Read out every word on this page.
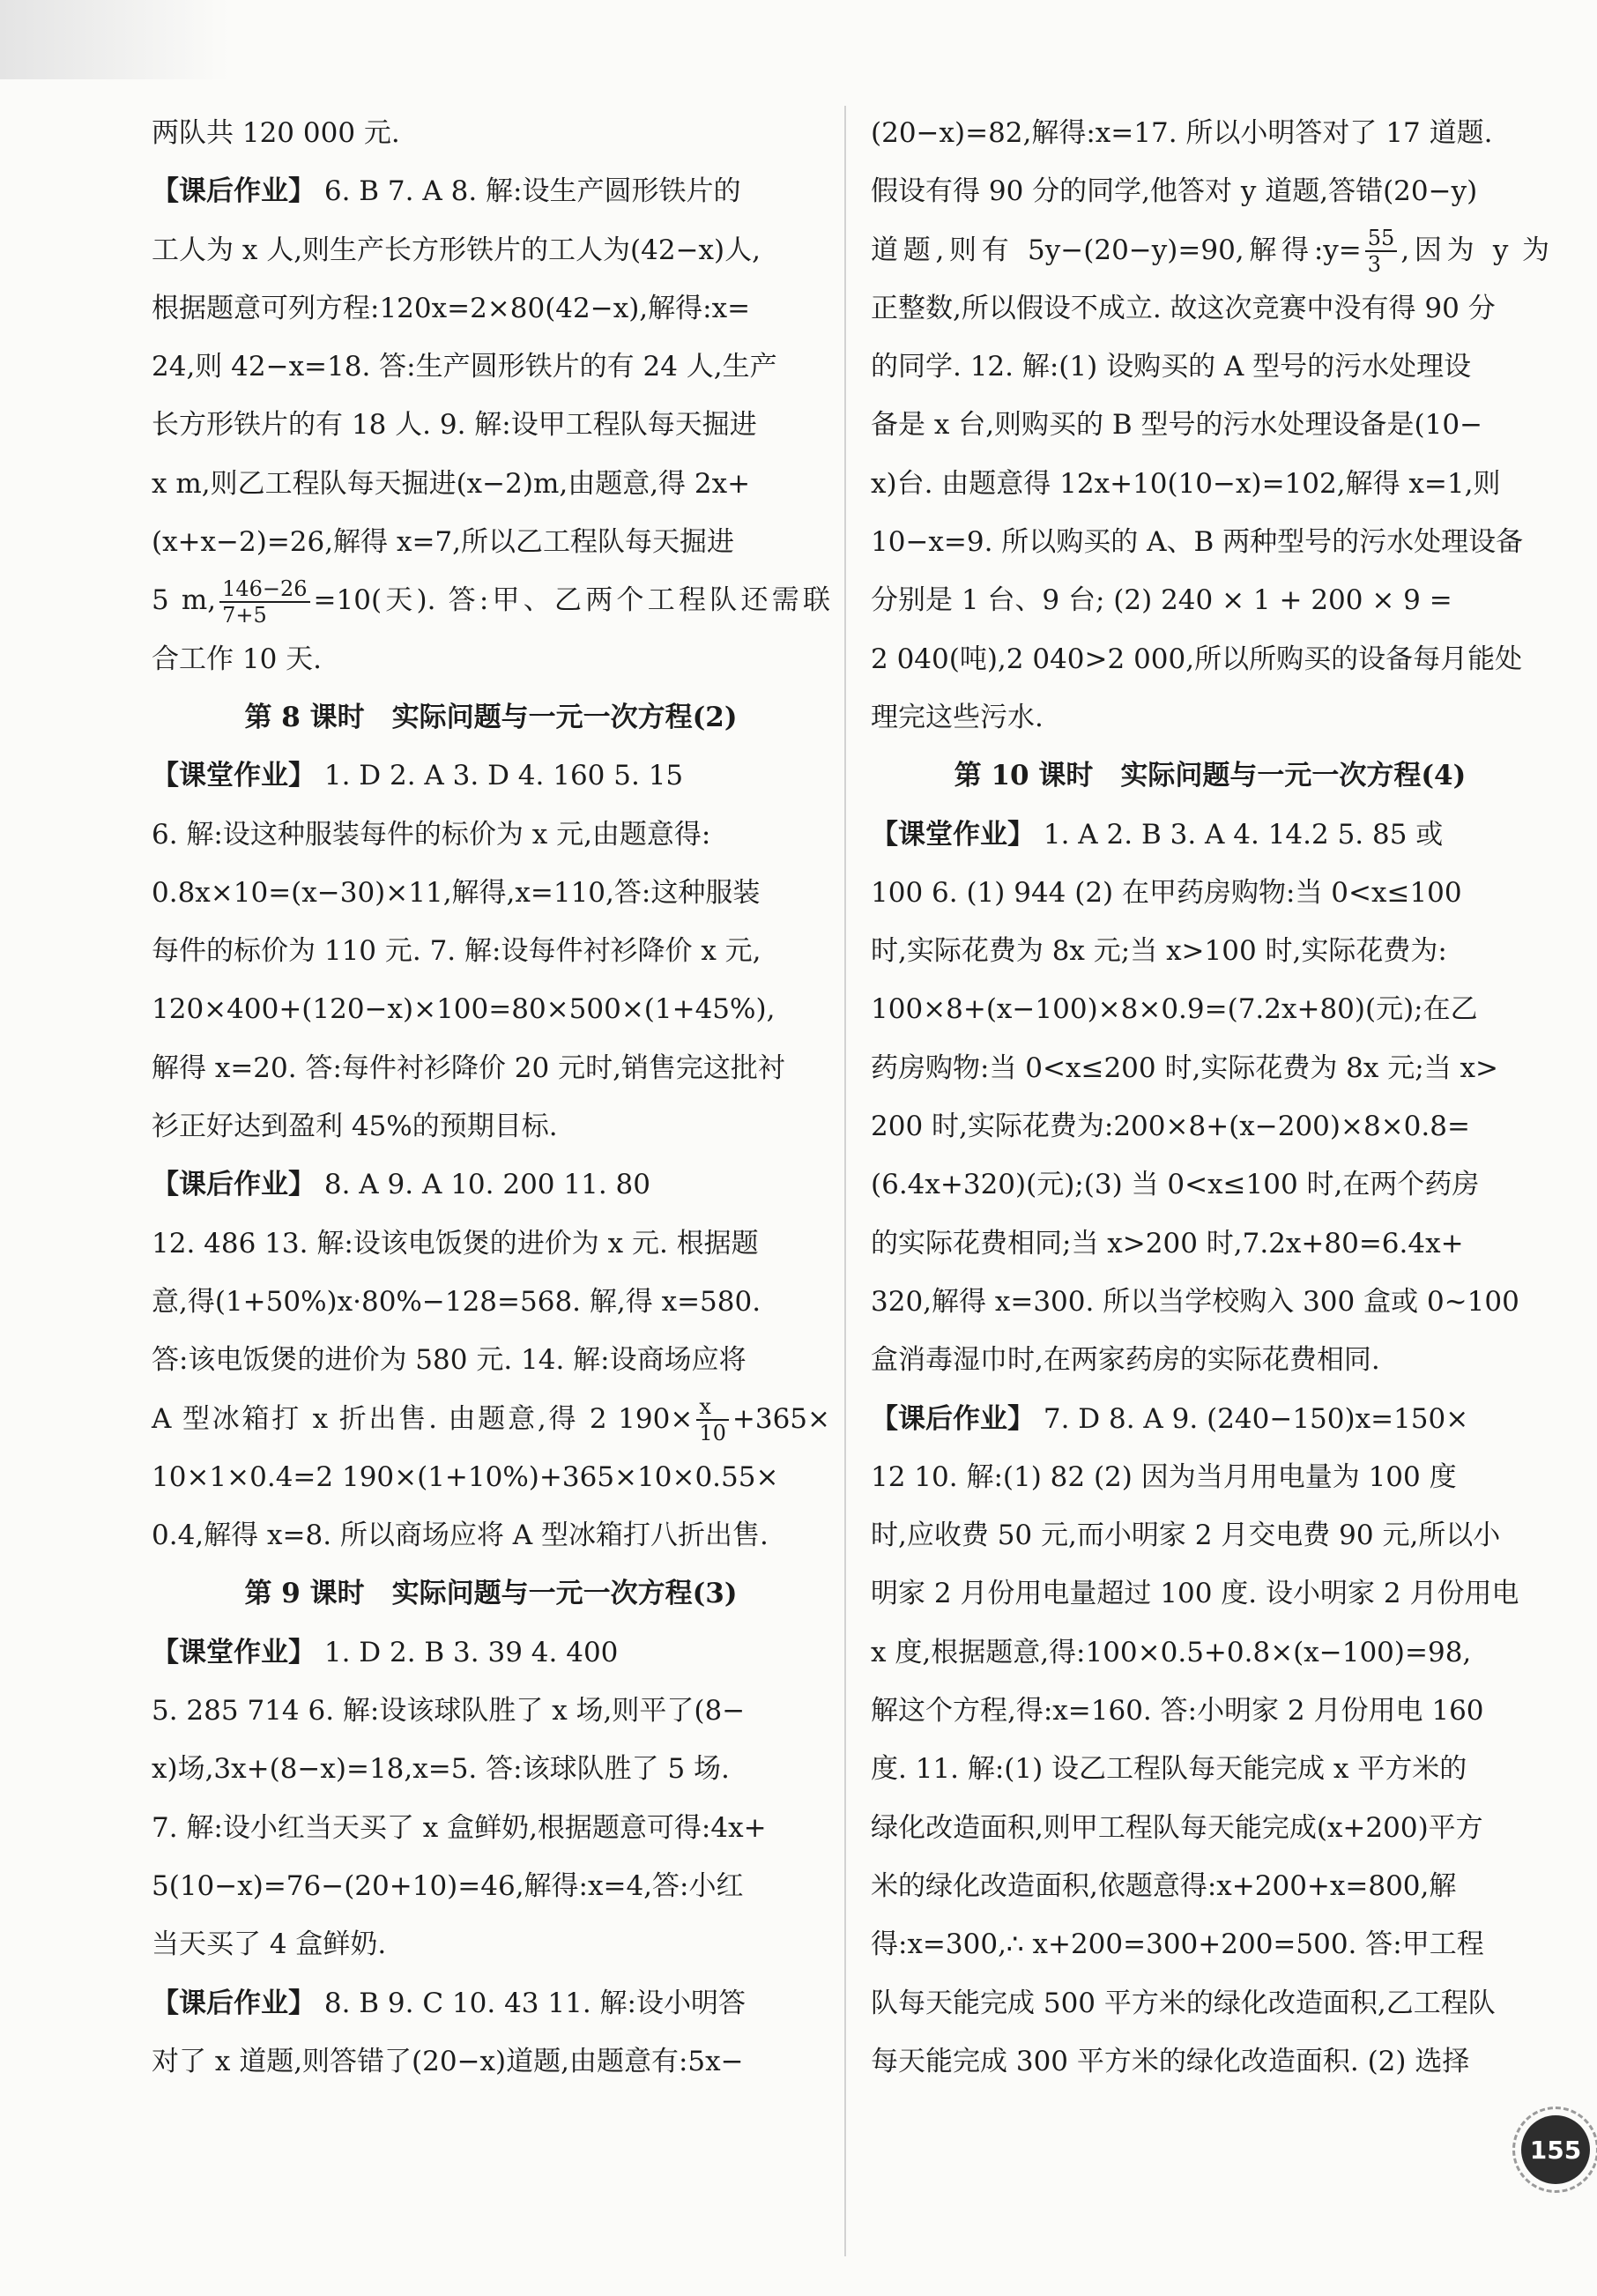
两队共 120 000 元.
【课后作业】 6. B 7. A 8. 解:设生产圆形铁片的
工人为 x 人,则生产长方形铁片的工人为(42−x)人,
根据题意可列方程:120x=2×80(42−x),解得:x=
24,则 42−x=18. 答:生产圆形铁片的有 24 人,生产
长方形铁片的有 18 人. 9. 解:设甲工程队每天掘进
x m,则乙工程队每天掘进(x−2)m,由题意,得 2x+
(x+x−2)=26,解得 x=7,所以乙工程队每天掘进
5 m, $\frac{146-26}{7+5} =10$(天). 答:甲、乙两个工程队还需联
合工作 10 天.
第 8 课时　实际问题与一元一次方程(2)
【课堂作业】 1. D 2. A 3. D 4. 160 5. 15
6. 解:设这种服装每件的标价为 x 元,由题意得:
0.8x×10=(x−30)×11,解得,x=110,答:这种服装
每件的标价为 110 元. 7. 解:设每件衬衫降价 x 元,
120×400+(120−x)×100=80×500×(1+45%),
解得 x=20. 答:每件衬衫降价 20 元时,销售完这批衬
衫正好达到盈利 45%的预期目标.
【课后作业】 8. A 9. A 10. 200 11. 80
12. 486 13. 解:设该电饭煲的进价为 x 元. 根据题
意,得(1+50%)x·80%−128=568. 解,得 x=580.
答:该电饭煲的进价为 580 元. 14. 解:设商场应将
A 型冰箱打 x 折出售. 由题意,得 2 $190\times \frac{x}{10} +365\times$
10×1×0.4=2 190×(1+10%)+365×10×0.55×
0.4,解得 x=8. 所以商场应将 A 型冰箱打八折出售.
第 9 课时　实际问题与一元一次方程(3)
【课堂作业】 1. D 2. B 3. 39 4. 400
5. 285 714 6. 解:设该球队胜了 x 场,则平了(8−
x)场,3x+(8−x)=18,x=5. 答:该球队胜了 5 场.
7. 解:设小红当天买了 x 盒鲜奶,根据题意可得:4x+
5(10−x)=76−(20+10)=46,解得:x=4,答:小红
当天买了 4 盒鲜奶.
【课后作业】 8. B 9. C 10. 43 11. 解:设小明答
对了 x 道题,则答错了(20−x)道题,由题意有:5x−
(20−x)=82,解得:x=17. 所以小明答对了 17 道题.
假设有得 90 分的同学,他答对 y 道题,答错(20−y)
道题,则有 5y−(20−y)=90,解得:y= $\frac{55}{3}$ ,因为 y 为
正整数,所以假设不成立. 故这次竞赛中没有得 90 分
的同学. 12. 解:(1) 设购买的 A 型号的污水处理设
备是 x 台,则购买的 B 型号的污水处理设备是(10−
x)台. 由题意得 12x+10(10−x)=102,解得 x=1,则
10−x=9. 所以购买的 A、B 两种型号的污水处理设备
分别是 1 台、9 台; (2) 240 × 1 + 200 × 9 =
2 040(吨),2 040>2 000,所以所购买的设备每月能处
理完这些污水.
第 10 课时　实际问题与一元一次方程(4)
【课堂作业】 1. A 2. B 3. A 4. 14.2 5. 85 或
100 6. (1) 944 (2) 在甲药房购物:当 0<x≤100
时,实际花费为 8x 元;当 x>100 时,实际花费为:
100×8+(x−100)×8×0.9=(7.2x+80)(元);在乙
药房购物:当 0<x≤200 时,实际花费为 8x 元;当 x>
200 时,实际花费为:200×8+(x−200)×8×0.8=
(6.4x+320)(元);(3) 当 0<x≤100 时,在两个药房
的实际花费相同;当 x>200 时,7.2x+80=6.4x+
320,解得 x=300. 所以当学校购入 300 盒或 0~100
盒消毒湿巾时,在两家药房的实际花费相同.
【课后作业】 7. D 8. A 9. (240−150)x=150×
12 10. 解:(1) 82 (2) 因为当月用电量为 100 度
时,应收费 50 元,而小明家 2 月交电费 90 元,所以小
明家 2 月份用电量超过 100 度. 设小明家 2 月份用电
x 度,根据题意,得:100×0.5+0.8×(x−100)=98,
解这个方程,得:x=160. 答:小明家 2 月份用电 160
度. 11. 解:(1) 设乙工程队每天能完成 x 平方米的
绿化改造面积,则甲工程队每天能完成(x+200)平方
米的绿化改造面积,依题意得:x+200+x=800,解
得:x=300,∴ x+200=300+200=500. 答:甲工程
队每天能完成 500 平方米的绿化改造面积,乙工程队
每天能完成 300 平方米的绿化改造面积. (2) 选择
155
